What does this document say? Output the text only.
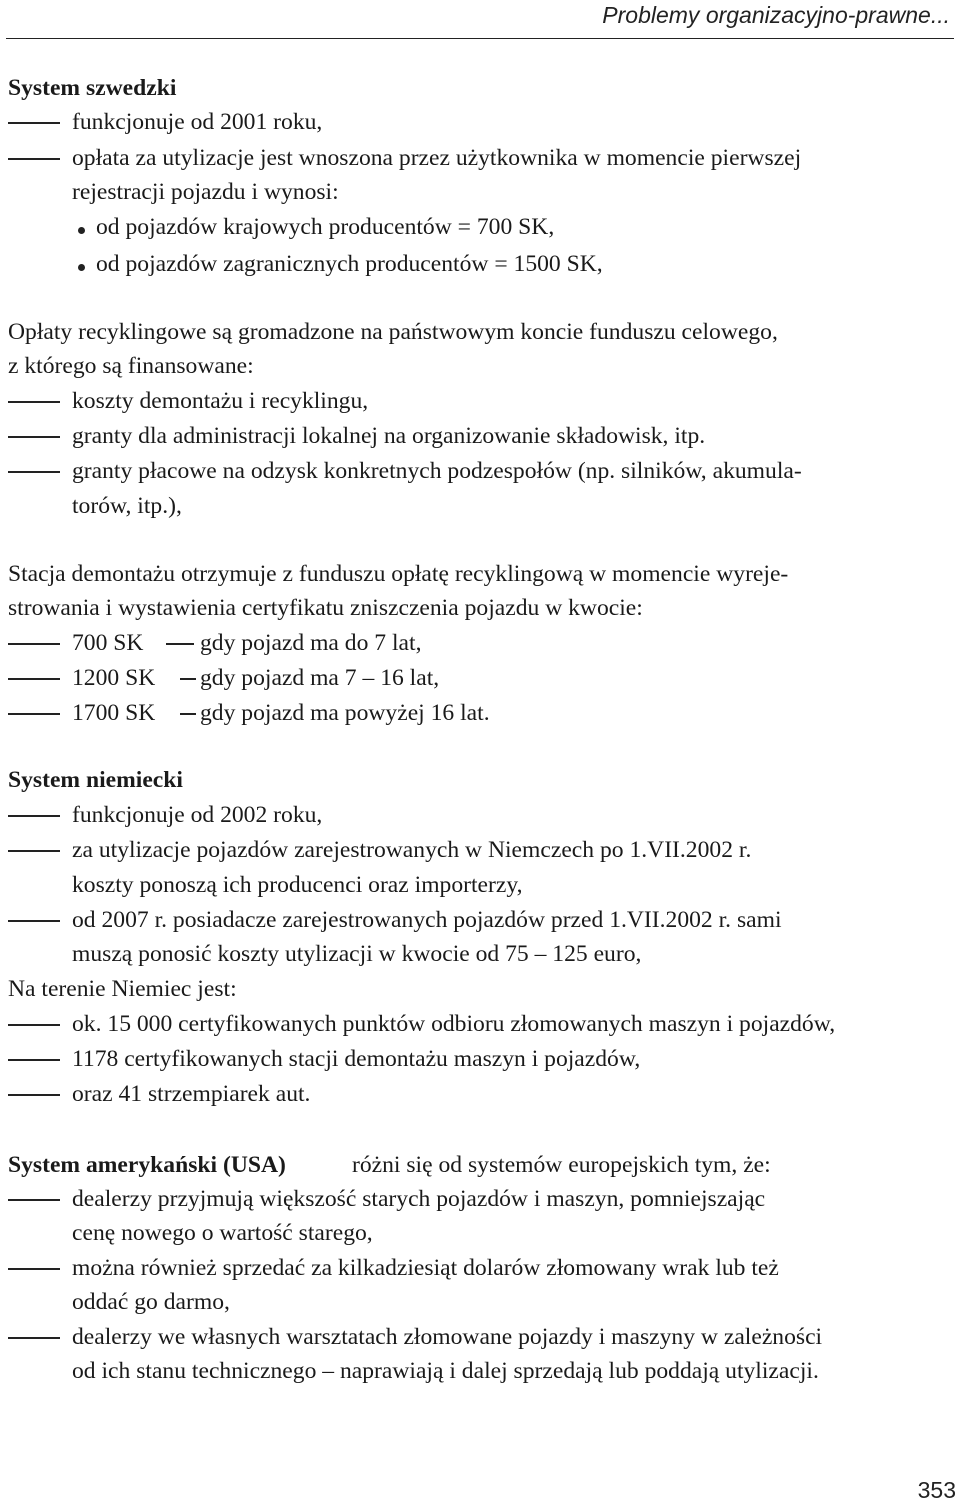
Problemy organizacyjno-prawne...
System szwedzki
funkcjonuje od 2001 roku,
opłata za utylizacje jest wnoszona przez użytkownika w momencie pierwszej
rejestracji pojazdu i wynosi:
od pojazdów krajowych producentów = 700 SK,
od pojazdów zagranicznych producentów = 1500 SK,
Opłaty recyklingowe są gromadzone na państwowym koncie funduszu celowego,
z którego są finansowane:
koszty demontażu i recyklingu,
granty dla administracji lokalnej na organizowanie składowisk, itp.
granty płacowe na odzysk konkretnych podzespołów (np. silników, akumula-
torów, itp.),
Stacja demontażu otrzymuje z funduszu opłatę recyklingową w momencie wyreje-
strowania i wystawienia certyfikatu zniszczenia pojazdu w kwocie:
700 SK gdy pojazd ma do 7 lat,
1200 SK gdy pojazd ma 7 – 16 lat,
1700 SK gdy pojazd ma powyżej 16 lat.
System niemiecki
funkcjonuje od 2002 roku,
za utylizacje pojazdów zarejestrowanych w Niemczech po 1.VII.2002 r.
koszty ponoszą ich producenci oraz importerzy,
od 2007 r. posiadacze zarejestrowanych pojazdów przed 1.VII.2002 r. sami
muszą ponosić koszty utylizacji w kwocie od 75 – 125 euro,
Na terenie Niemiec jest:
ok. 15 000 certyfikowanych punktów odbioru złomowanych maszyn i pojazdów,
1178 certyfikowanych stacji demontażu maszyn i pojazdów,
oraz 41 strzempiarek aut.
System amerykański (USA)	różni się od systemów europejskich tym, że:
dealerzy przyjmują większość starych pojazdów i maszyn, pomniejszając
cenę nowego o wartość starego,
można również sprzedać za kilkadziesiąt dolarów złomowany wrak lub też
oddać go darmo,
dealerzy we własnych warsztatach złomowane pojazdy i maszyny w zależności
od ich stanu technicznego – naprawiają i dalej sprzedają lub poddają utylizacji.
353
